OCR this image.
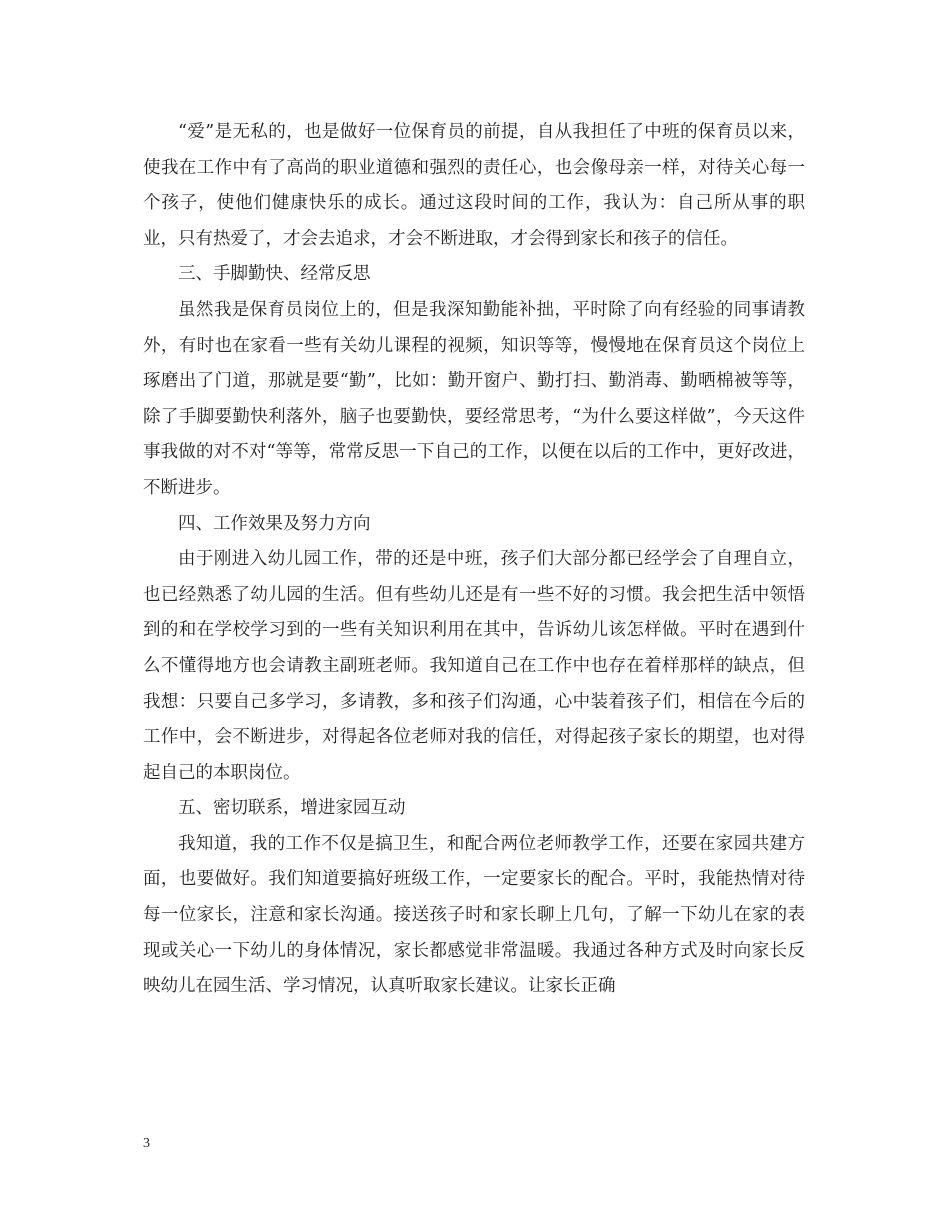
“爱”是无私的，也是做好一位保育员的前提，自从我担任了中班的保育员以来，使我在工作中有了高尚的职业道德和强烈的责任心，也会像母亲一样，对待关心每一个孩子，使他们健康快乐的成长。通过这段时间的工作，我认为：自己所从事的职业，只有热爱了，才会去追求，才会不断进取，才会得到家长和孩子的信任。

三、手脚勤快、经常反思

虽然我是保育员岗位上的，但是我深知勤能补拙，平时除了向有经验的同事请教外，有时也在家看一些有关幼儿课程的视频，知识等等，慢慢地在保育员这个岗位上琢磨出了门道，那就是要“勤”，比如：勤开窗户、勤打扫、勤消毒、勤晒棉被等等，除了手脚要勤快利落外，脑子也要勤快，要经常思考，“为什么要这样做”，今天这件事我做的对不对“等等，常常反思一下自己的工作，以便在以后的工作中，更好改进，不断进步。

四、工作效果及努力方向

由于刚进入幼儿园工作，带的还是中班，孩子们大部分都已经学会了自理自立，也已经熟悉了幼儿园的生活。但有些幼儿还是有一些不好的习惯。我会把生活中领悟到的和在学校学习到的一些有关知识利用在其中，告诉幼儿该怎样做。平时在遇到什么不懂得地方也会请教主副班老师。我知道自己在工作中也存在着样那样的缺点，但我想：只要自己多学习，多请教，多和孩子们沟通，心中装着孩子们，相信在今后的工作中，会不断进步，对得起各位老师对我的信任，对得起孩子家长的期望，也对得起自己的本职岗位。

五、密切联系，增进家园互动

我知道，我的工作不仅是搞卫生，和配合两位老师教学工作，还要在家园共建方面，也要做好。我们知道要搞好班级工作，一定要家长的配合。平时，我能热情对待每一位家长，注意和家长沟通。接送孩子时和家长聊上几句，了解一下幼儿在家的表现或关心一下幼儿的身体情况，家长都感觉非常温暖。我通过各种方式及时向家长反映幼儿在园生活、学习情况，认真听取家长建议。让家长正确

3
